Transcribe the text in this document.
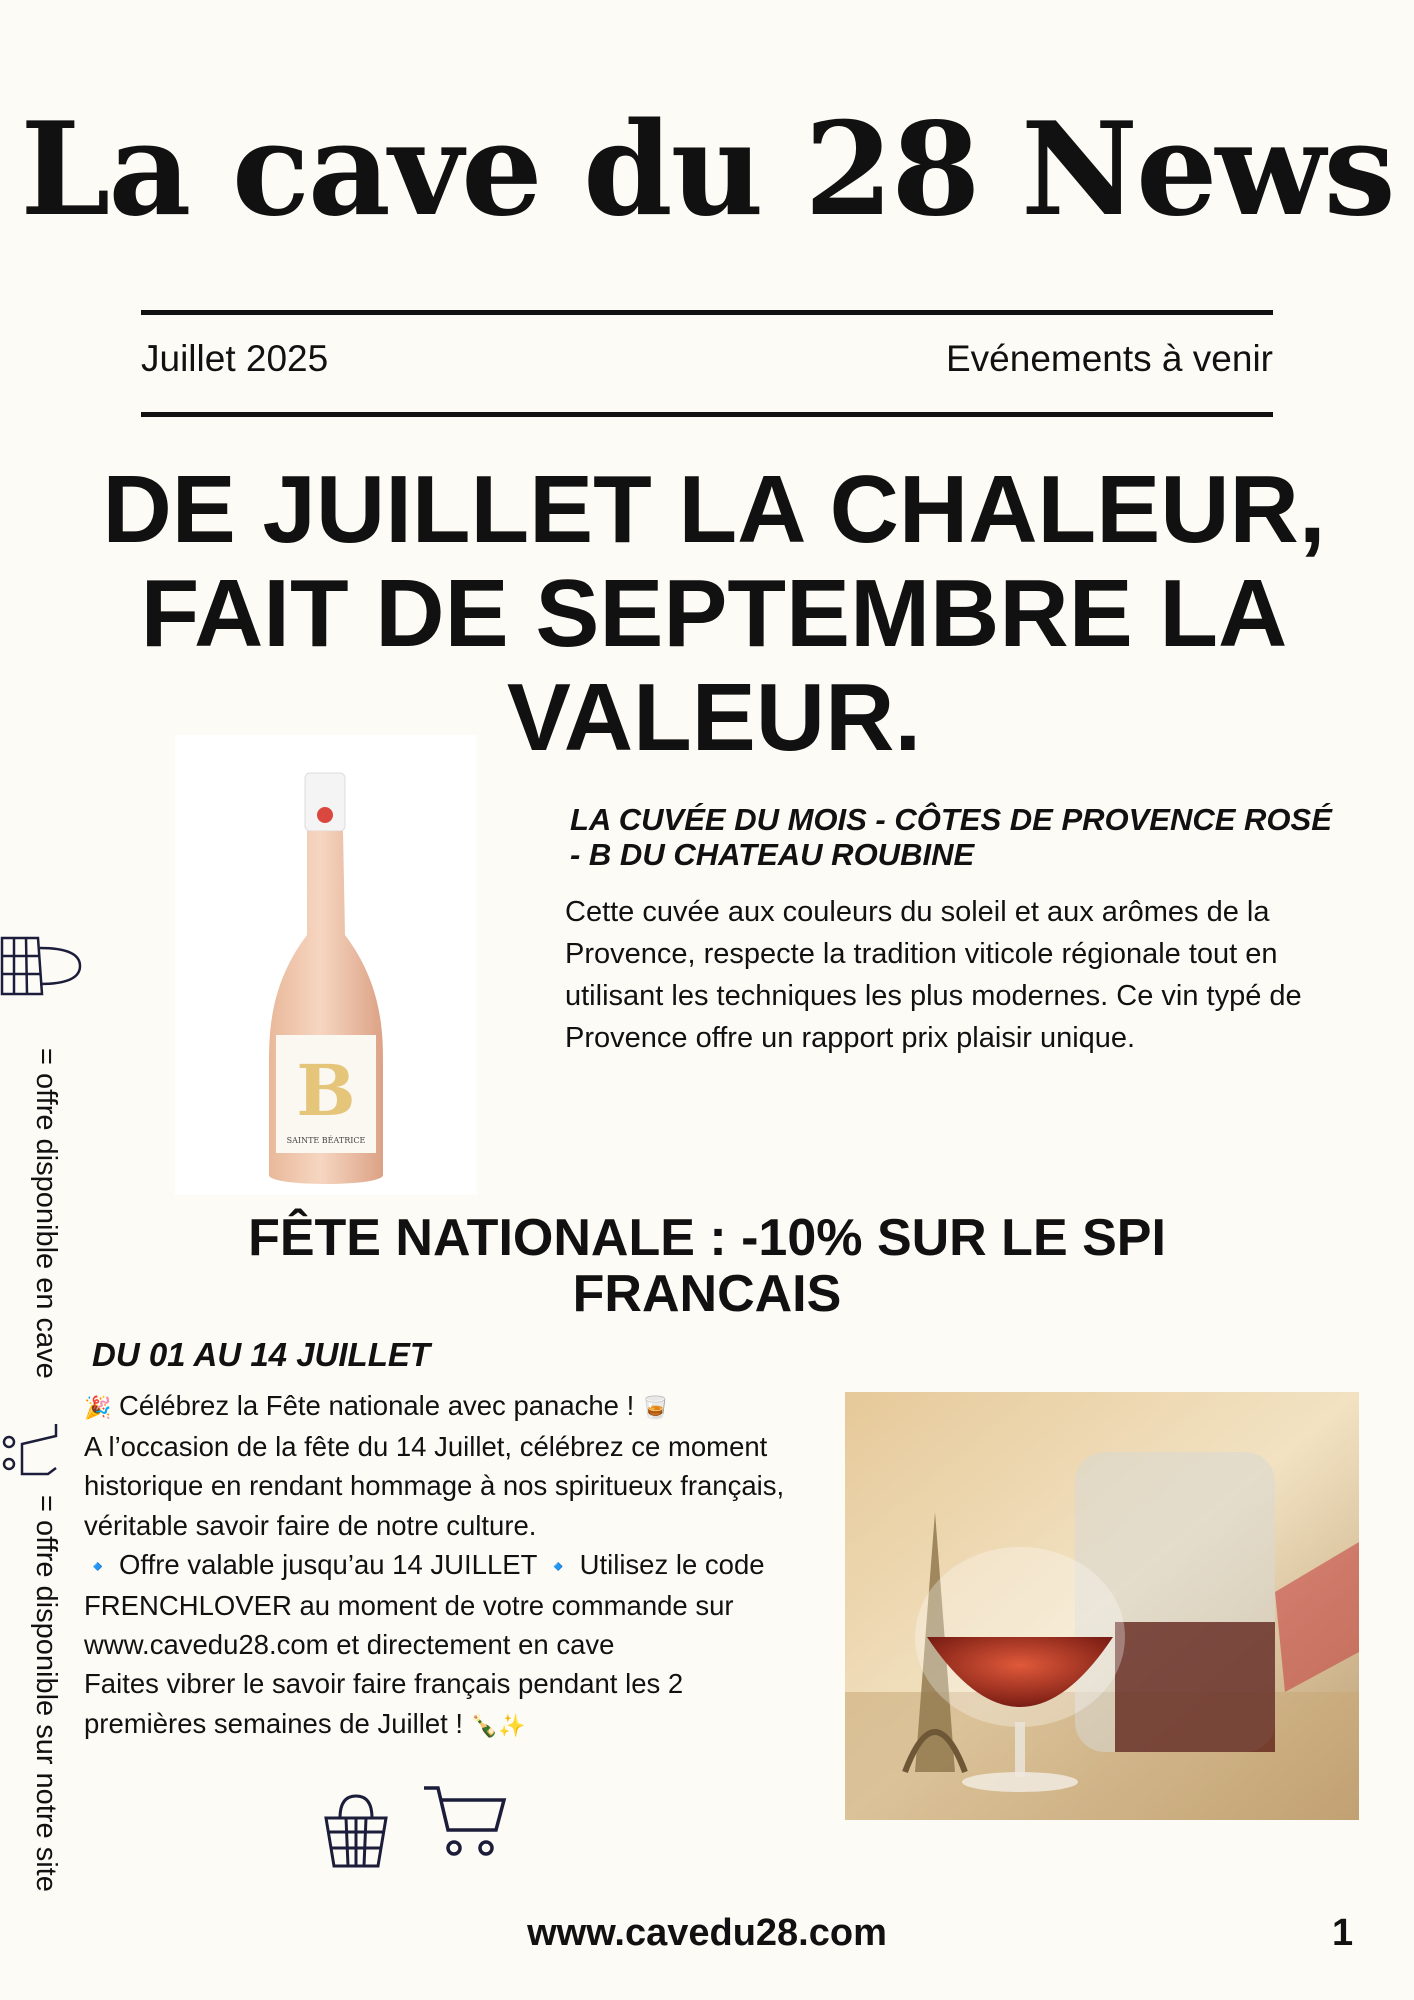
La cave du 28 News
Juillet 2025	Evénements à venir
DE JUILLET LA CHALEUR, FAIT DE SEPTEMBRE LA VALEUR.
B
SAINTE BÉATRICE
LA CUVÉE DU MOIS - CÔTES DE PROVENCE ROSÉ - B DU CHATEAU ROUBINE
Cette cuvée aux couleurs du soleil et aux arômes de la Provence, respecte la tradition viticole régionale tout en utilisant les techniques les plus modernes. Ce vin typé de Provence offre un rapport prix plaisir unique.
FÊTE NATIONALE : -10% SUR LE SPI FRANCAIS
DU 01 AU 14 JUILLET

🎉 Célébrez la Fête nationale avec panache ! 🥃

A l’occasion de la fête du 14 Juillet, célébrez ce moment historique en rendant hommage à nos spiritueux français, véritable savoir faire de notre culture.

🔹 Offre valable jusqu’au 14 JUILLET 🔹 Utilisez le code FRENCHLOVER au moment de votre commande sur www.cavedu28.com et directement en cave

Faites vibrer le savoir faire français pendant les 2 premières semaines de Juillet ! 🍾✨

= offre disponible en cave
= offre disponible sur notre site
www.cavedu28.com	1
